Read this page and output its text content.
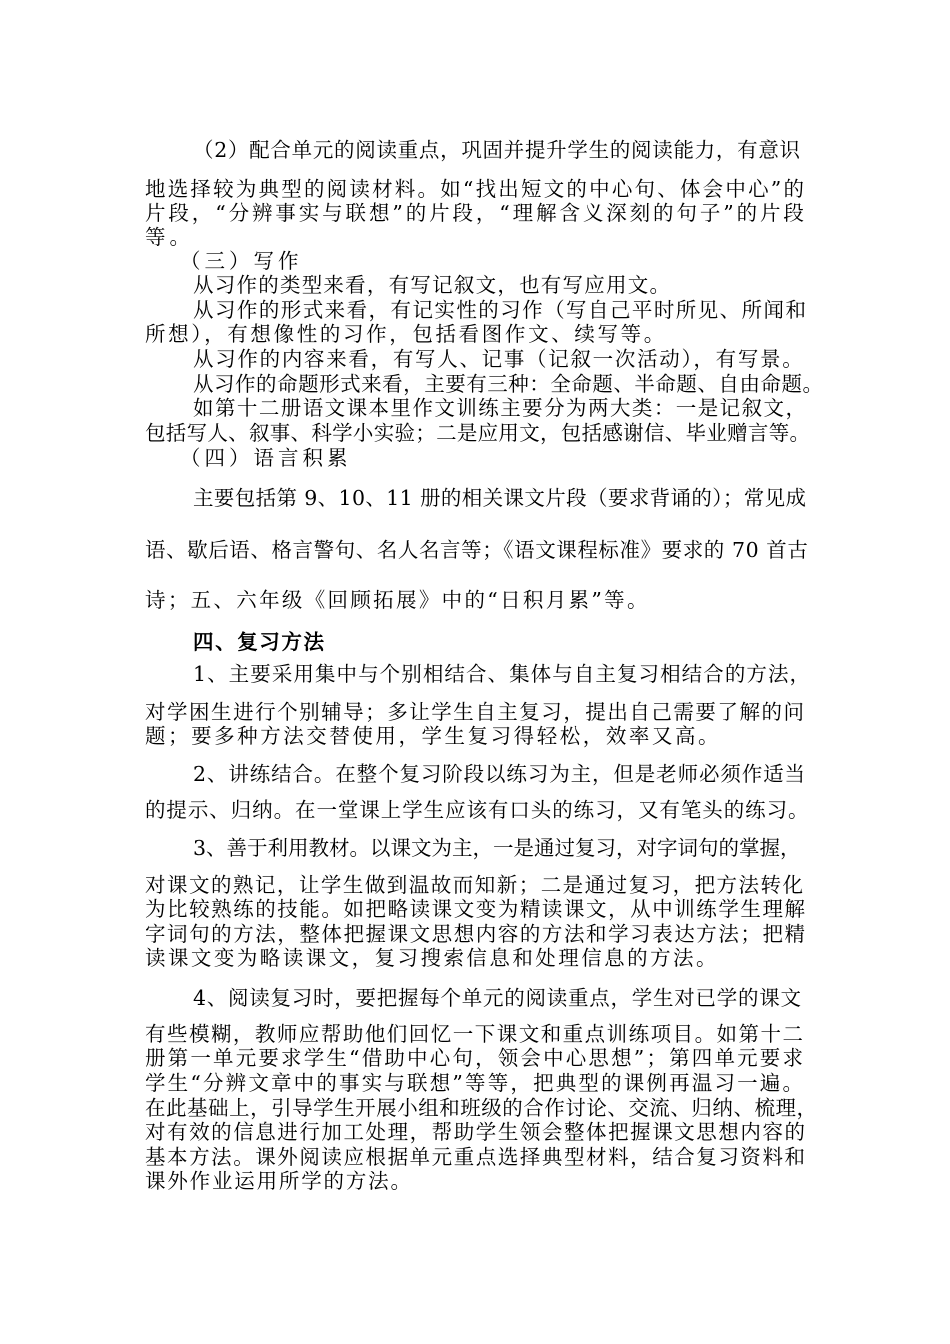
（2）配合单元的阅读重点，巩固并提升学生的阅读能力，有意识

地选择较为典型的阅读材料。如“找出短文的中心句、体会中心”的

片段，“分辨事实与联想”的片段，“理解含义深刻的句子”的片段

等。

（三）写作

从习作的类型来看，有写记叙文，也有写应用文。

从习作的形式来看，有记实性的习作（写自己平时所见、所闻和

所想），有想像性的习作，包括看图作文、续写等。

从习作的内容来看，有写人、记事（记叙一次活动），有写景。

从习作的命题形式来看，主要有三种：全命题、半命题、自由命题。

如第十二册语文课本里作文训练主要分为两大类：一是记叙文，

包括写人、叙事、科学小实验；二是应用文，包括感谢信、毕业赠言等。

（四）语言积累

主要包括第 9、10、11 册的相关课文片段（要求背诵的）；常见成

语、歇后语、格言警句、名人名言等；《语文课程标准》要求的 70 首古

诗；五、六年级《回顾拓展》中的“日积月累”等。

四、复习方法

1、主要采用集中与个别相结合、集体与自主复习相结合的方法，

对学困生进行个别辅导；多让学生自主复习，提出自己需要了解的问

题；要多种方法交替使用，学生复习得轻松，效率又高。

2、讲练结合。在整个复习阶段以练习为主，但是老师必须作适当

的提示、归纳。在一堂课上学生应该有口头的练习，又有笔头的练习。

3、善于利用教材。以课文为主，一是通过复习，对字词句的掌握，

对课文的熟记，让学生做到温故而知新；二是通过复习，把方法转化

为比较熟练的技能。如把略读课文变为精读课文，从中训练学生理解

字词句的方法，整体把握课文思想内容的方法和学习表达方法；把精

读课文变为略读课文，复习搜索信息和处理信息的方法。

4、阅读复习时，要把握每个单元的阅读重点，学生对已学的课文

有些模糊，教师应帮助他们回忆一下课文和重点训练项目。如第十二

册第一单元要求学生“借助中心句，领会中心思想”；第四单元要求

学生“分辨文章中的事实与联想”等等，把典型的课例再温习一遍。

在此基础上，引导学生开展小组和班级的合作讨论、交流、归纳、梳理，

对有效的信息进行加工处理，帮助学生领会整体把握课文思想内容的

基本方法。课外阅读应根据单元重点选择典型材料，结合复习资料和

课外作业运用所学的方法。
